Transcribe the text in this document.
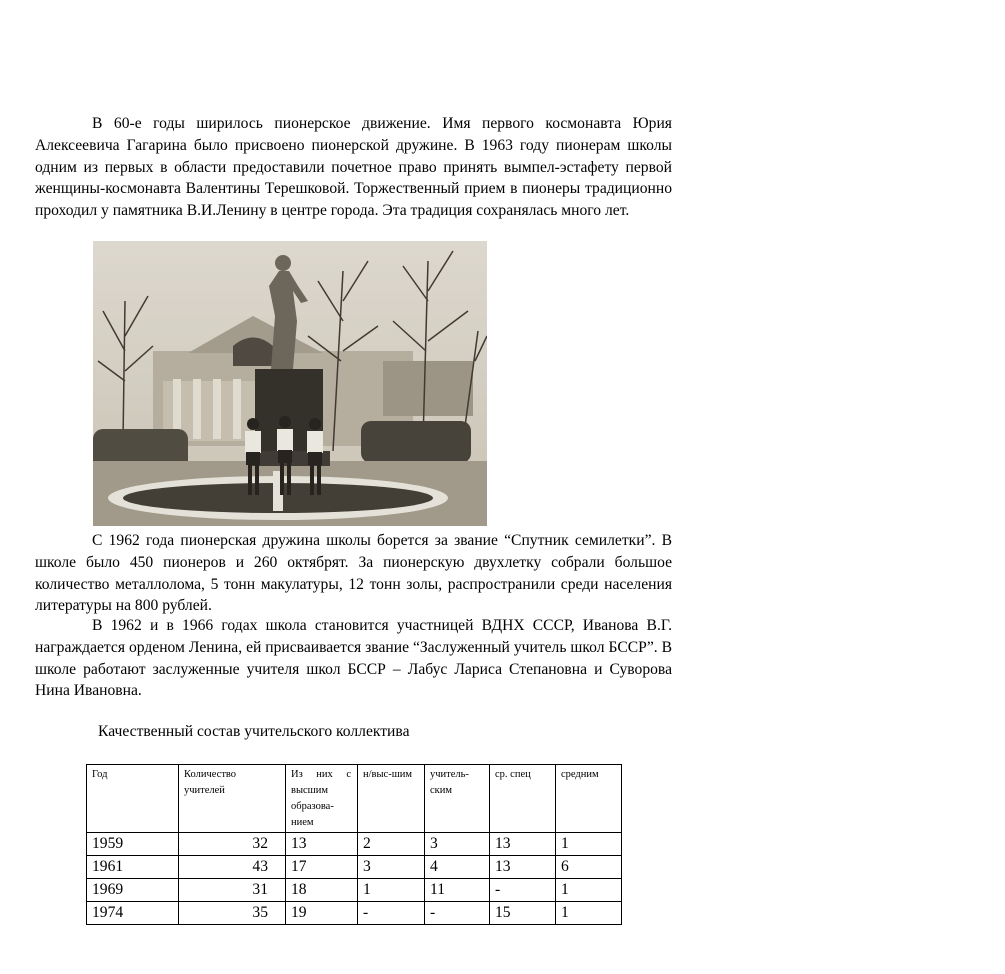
В 60-е годы ширилось пионерское движение. Имя первого космонавта Юрия Алексеевича Гагарина было присвоено пионерской дружине. В 1963 году пионерам школы одним из первых в области предоставили почетное право принять вымпел-эстафету первой женщины-космонавта Валентины Терешковой. Торжественный прием в пионеры традиционно проходил у памятника В.И.Ленину в центре города. Эта традиция сохранялась много лет.

С 1962 года пионерская дружина школы борется за звание “Спутник семилетки”. В школе было 450 пионеров и 260 октябрят. За пионерскую двухлетку собрали большое количество металлолома, 5 тонн макулатуры, 12 тонн золы, распространили среди населения литературы на 800 рублей.

В 1962 и в 1966 годах школа становится участницей ВДНХ СССР, Иванова В.Г. награждается орденом Ленина, ей присваивается звание “Заслуженный учитель школ БССР”. В школе работают заслуженные учителя школ БССР – Лабус Лариса Степановна и Суворова Нина Ивановна.

Качественный состав учительского коллектива
Год	Количество учителей	Из них с высшим образова-нием	н/выс-шим	учитель-ским	ср. спец	средним
1959	32	13	2	3	13	1
1961	43	17	3	4	13	6
1969	31	18	1	11	-	1
1974	35	19	-	-	15	1
